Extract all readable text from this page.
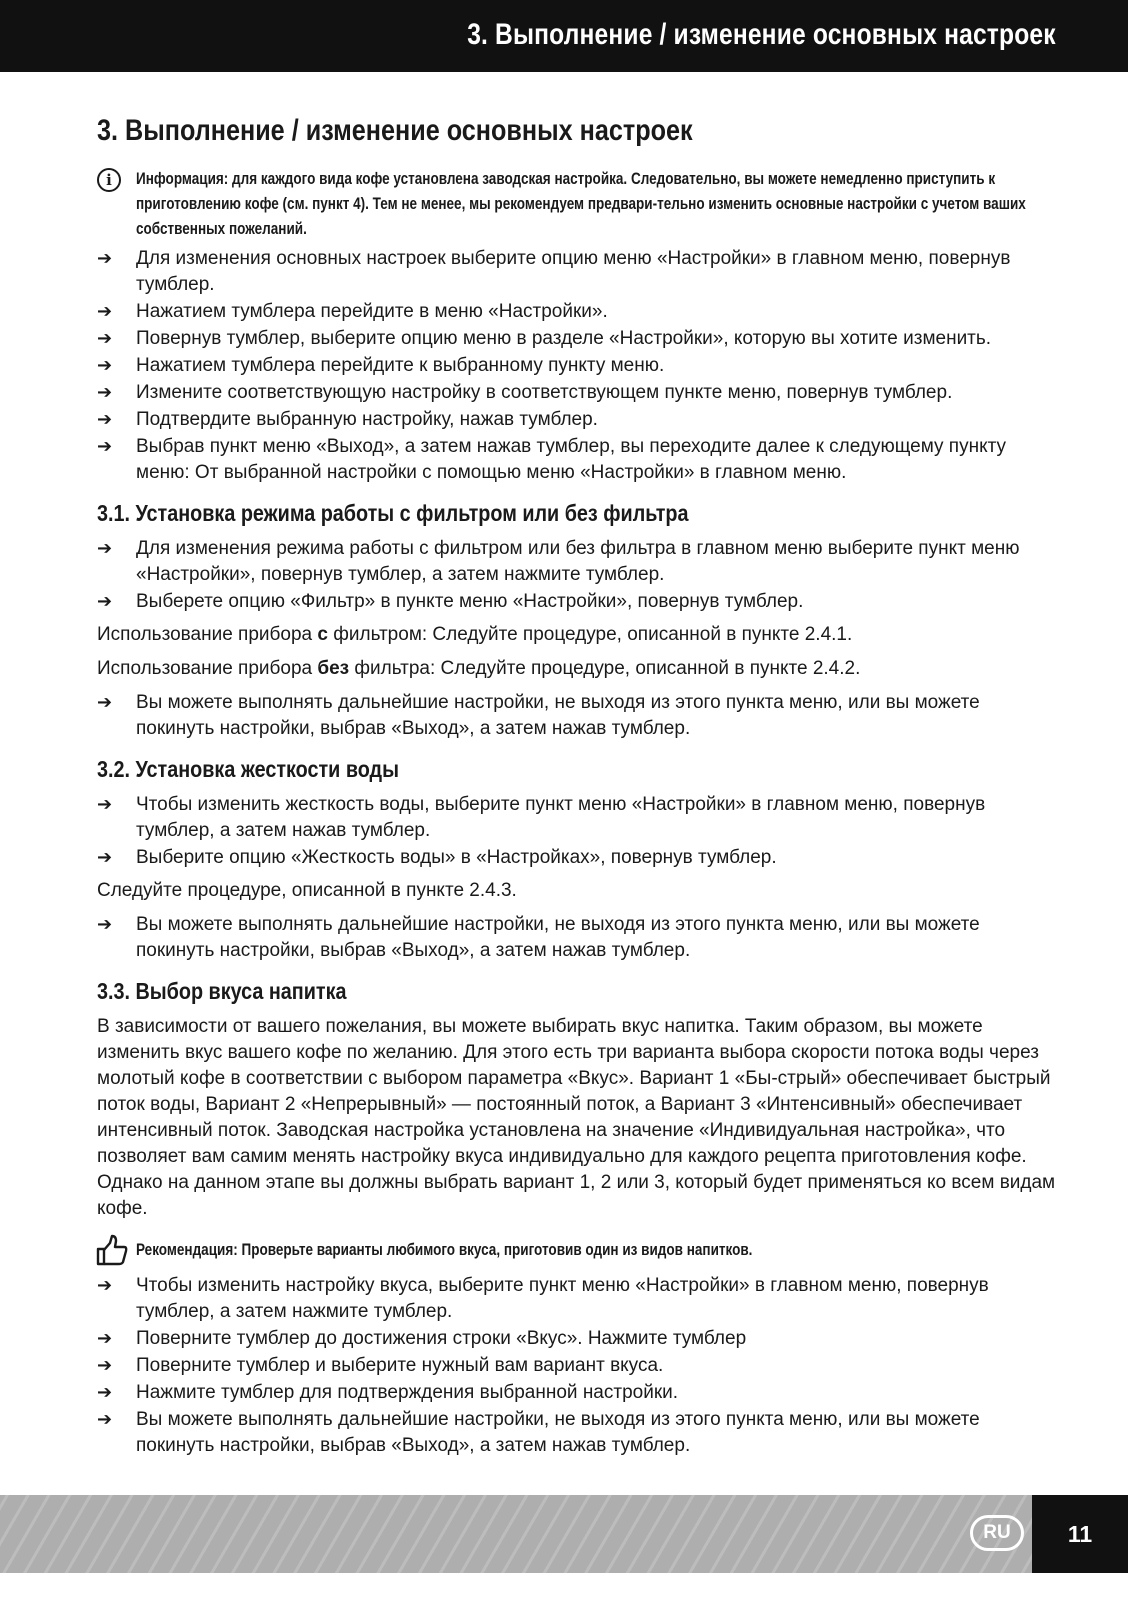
3. Выполнение / изменение основных настроек
3. Выполнение / изменение основных настроек
i	Информация: для каждого вида кофе установлена заводская настройка. Следовательно, вы можете немедленно приступить к приготовлению кофе (см. пункт 4). Тем не менее, мы рекомендуем предвари-тельно изменить основные настройки с учетом ваших собственных пожеланий.
➔ Для изменения основных настроек выберите опцию меню «Настройки» в главном меню, повернув тумблер.
➔ Нажатием тумблера перейдите в меню «Настройки».
➔ Повернув тумблер, выберите опцию меню в разделе «Настройки», которую вы хотите изменить.
➔ Нажатием тумблера перейдите к выбранному пункту меню.
➔ Измените соответствующую настройку в соответствующем пункте меню, повернув тумблер.
➔ Подтвердите выбранную настройку, нажав тумблер.
➔ Выбрав пункт меню «Выход», а затем нажав тумблер, вы переходите далее к следующему пункту меню: От выбранной настройки с помощью меню «Настройки» в главном меню.
3.1. Установка режима работы с фильтром или без фильтра
➔ Для изменения режима работы с фильтром или без фильтра в главном меню выберите пункт меню «Настройки», повернув тумблер, а затем нажмите тумблер.
➔ Выберете опцию «Фильтр» в пункте меню «Настройки», повернув тумблер.
Использование прибора с фильтром: Следуйте процедуре, описанной в пункте 2.4.1.
Использование прибора без фильтра: Следуйте процедуре, описанной в пункте 2.4.2.
➔ Вы можете выполнять дальнейшие настройки, не выходя из этого пункта меню, или вы можете покинуть настройки, выбрав «Выход», а затем нажав тумблер.
3.2. Установка жесткости воды
➔ Чтобы изменить жесткость воды, выберите пункт меню «Настройки» в главном меню, повернув тумблер, а затем нажав тумблер.
➔ Выберите опцию «Жесткость воды» в «Настройках», повернув тумблер.
Следуйте процедуре, описанной в пункте 2.4.3.
➔ Вы можете выполнять дальнейшие настройки, не выходя из этого пункта меню, или вы можете покинуть настройки, выбрав «Выход», а затем нажав тумблер.
3.3. Выбор вкуса напитка
В зависимости от вашего пожелания, вы можете выбирать вкус напитка. Таким образом, вы можете изменить вкус вашего кофе по желанию. Для этого есть три варианта выбора скорости потока воды через молотый кофе в соответствии с выбором параметра «Вкус». Вариант 1 «Бы-стрый» обеспечивает быстрый поток воды, Вариант 2 «Непрерывный» — постоянный поток, а Вариант 3 «Интенсивный» обеспечивает интенсивный поток. Заводская настройка установлена на значение «Индивидуальная настройка», что позволяет вам самим менять настройку вкуса индивидуально для каждого рецепта приготовления кофе. Однако на данном этапе вы должны выбрать вариант 1, 2 или 3, который будет применяться ко всем видам кофе.
Рекомендация: Проверьте варианты любимого вкуса, приготовив один из видов напитков.
➔ Чтобы изменить настройку вкуса, выберите пункт меню «Настройки» в главном меню, повернув тумблер, а затем нажмите тумблер.
➔ Поверните тумблер до достижения строки «Вкус». Нажмите тумблер
➔ Поверните тумблер и выберите нужный вам вариант вкуса.
➔ Нажмите тумблер для подтверждения выбранной настройки.
➔ Вы можете выполнять дальнейшие настройки, не выходя из этого пункта меню, или вы можете покинуть настройки, выбрав «Выход», а затем нажав тумблер.
RU	11
